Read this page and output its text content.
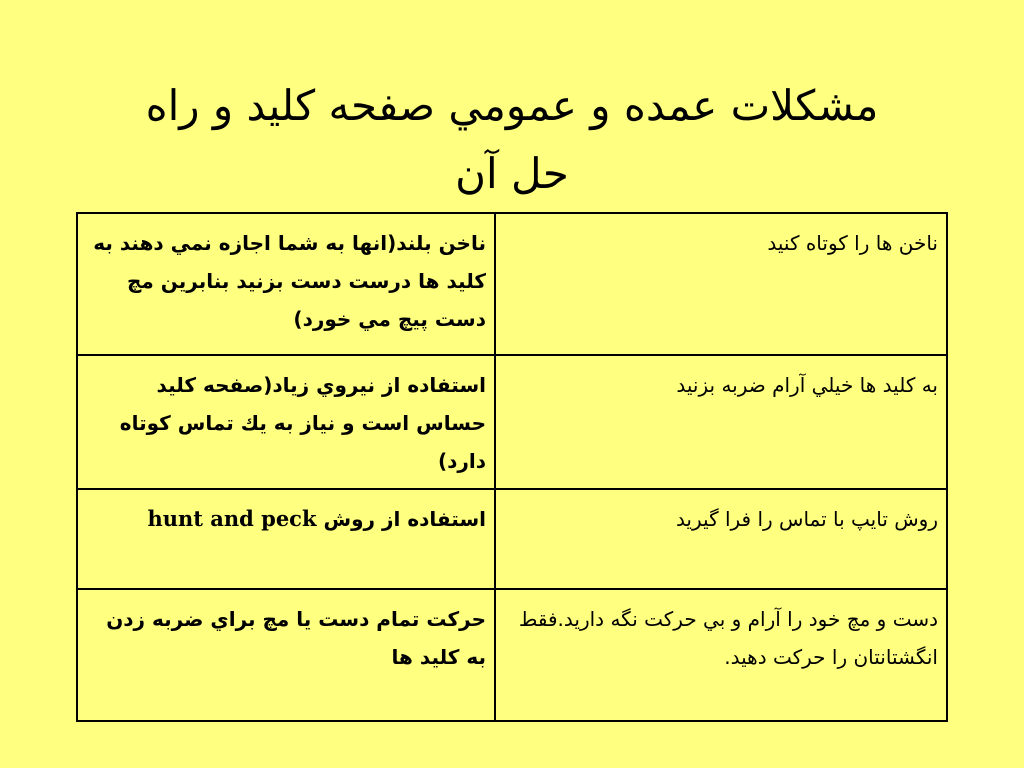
مشكلات عمده و عمومي صفحه كليد و راه
حل آن
ناخن ها را كوتاه كنيد	ناخن بلند(انها به شما اجازه نمي دهند به كليد ها درست دست بزنيد بنابرين مچ دست پيچ مي خورد)
به كليد ها خيلي آرام ضربه بزنيد	استفاده از نيروي زياد(صفحه كليد حساس است و نياز به يك تماس كوتاه دارد)
روش تايپ با تماس را فرا گيريد	استفاده از روش hunt and peck
دست و مچ خود را آرام و بي حركت نگه داريد.فقط انگشتانتان را حركت دهيد.	حركت تمام دست يا مچ براي ضربه زدن به كليد ها
